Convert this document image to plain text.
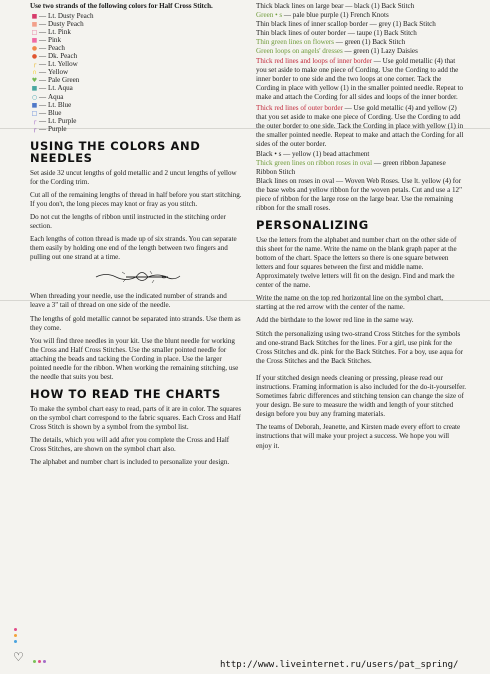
Use two strands of the following colors for Half Cross Stitch.

■ — Lt. Dusty Peach
■ — Dusty Peach
□ — Lt. Pink
■ — Pink
● — Peach
● — Dk. Peach
┌ — Lt. Yellow
∩ — Yellow
♥ — Pale Green
■ — Lt. Aqua
○ — Aqua
■ — Lt. Blue
□ — Blue
┌ — Lt. Purple
┌ — Purple
USING THE COLORS AND NEEDLES

Set aside 32 uncut lengths of gold metallic and 2 uncut lengths of yellow for the Cording trim.

Cut all of the remaining lengths of thread in half before you start stitching. If you don't, the long pieces may knot or fray as you stitch.

Do not cut the lengths of ribbon until instructed in the stitching order section.

Each lengths of cotton thread is made up of six strands. You can separate them easily by holding one end of the length between two fingers and pulling out one strand at a time.

When threading your needle, use the indicated number of strands and leave a 3" tail of thread on one side of the needle.

The lengths of gold metallic cannot be separated into strands. Use them as they come.

You will find three needles in your kit. Use the blunt needle for working the Cross and Half Cross Stitches. Use the smaller pointed needle for attaching the beads and tacking the Cording in place. Use the larger pointed needle for the ribbon. When working the remaining stitching, use the needle that suits you best.

HOW TO READ THE CHARTS

To make the symbol chart easy to read, parts of it are in color. The squares on the symbol chart correspond to the fabric squares. Each Cross and Half Cross Stitch is shown by a symbol from the symbol list.

The details, which you will add after you complete the Cross and Half Cross Stitches, are shown on the symbol chart also.

The alphabet and number chart is included to personalize your design.

Thick black lines on large bear — black (1) Back Stitch

Green • s — pale blue purple (1) French Knots

Thin black lines of inner scallop border — grey (1) Back Stitch

Thin black lines of outer border — taupe (1) Back Stitch

Thin green lines on flowers — green (1) Back Stitch

Green loops on angels' dresses — green (1) Lazy Daisies

Thick red lines and loops of inner border — Use gold metallic (4) that you set aside to make one piece of Cording. Use the Cording to add the inner border to one side and the two loops at one corner. Tack the Cording in place with yellow (1) in the smaller pointed needle. Repeat to make and attach the Cording for all sides and loops of the inner border.

Thick red lines of outer border — Use gold metallic (4) and yellow (2) that you set aside to make one piece of Cording. Use the Cording to add the outer border to one side. Tack the Cording in place with yellow (1) in the smaller pointed needle. Repeat to make and attach the Cording for all sides of the outer border.

Black • s — yellow (1) bead attachment

Thick green lines on ribbon roses in oval — green ribbon Japanese Ribbon Stitch

Black lines on roses in oval — Woven Web Roses. Use lt. yellow (4) for the base webs and yellow ribbon for the woven petals. Cut and use a 12" piece of ribbon for the large rose on the large bear. Use the remaining ribbon for the small roses.

PERSONALIZING

Use the letters from the alphabet and number chart on the other side of this sheet for the name. Write the name on the blank graph paper at the bottom of the chart. Space the letters so there is one square between letters and four squares between the first and middle name. Approximately twelve letters will fit on the design. Find and mark the center of the name.

Write the name on the top red horizontal line on the symbol chart, starting at the red arrow with the center of the name.

Add the birthdate to the lower red line in the same way.

Stitch the personalizing using two-strand Cross Stitches for the symbols and one-strand Back Stitches for the lines. For a girl, use pink for the Cross Stitches and dk. pink for the Back Stitches. For a boy, use aqua for the Cross Stitches and the Back Stitches.

If your stitched design needs cleaning or pressing, please read our instructions. Framing information is also included for the do-it-yourselfer. Sometimes fabric differences and stitching tension can change the size of your design. Be sure to measure the width and length of your stitched design before you buy any framing materials.

The teams of Deborah, Jeanette, and Kirsten made every effort to create instructions that will make your project a success. We hope you will enjoy it.

♡
http://www.liveinternet.ru/users/pat_spring/
